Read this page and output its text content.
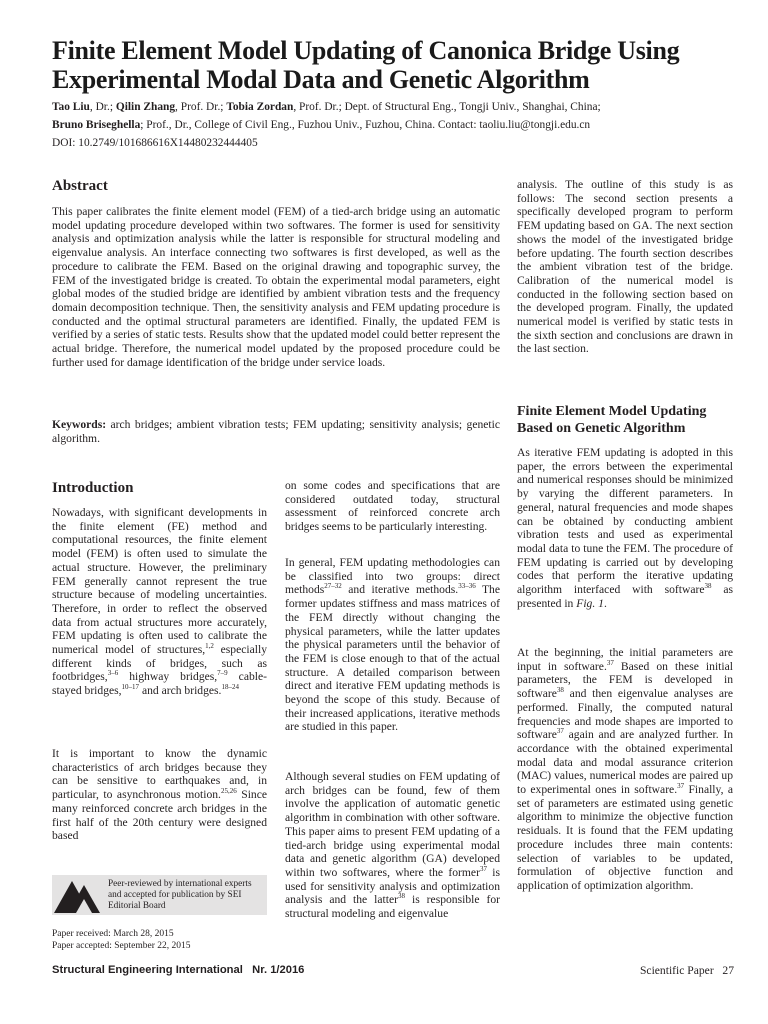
Finite Element Model Updating of Canonica Bridge Using Experimental Modal Data and Genetic Algorithm
Tao Liu, Dr.; Qilin Zhang, Prof. Dr.; Tobia Zordan, Prof. Dr.; Dept. of Structural Eng., Tongji Univ., Shanghai, China;
Bruno Briseghella; Prof., Dr., College of Civil Eng., Fuzhou Univ., Fuzhou, China. Contact: taoliu.liu@tongji.edu.cn
DOI: 10.2749/101686616X14480232444405
Abstract

This paper calibrates the finite element model (FEM) of a tied-arch bridge using an automatic model updating procedure developed within two softwares. The former is used for sensitivity analysis and optimization analysis while the latter is responsible for structural modeling and eigenvalue analysis. An interface connecting two softwares is first developed, as well as the procedure to calibrate the FEM. Based on the original drawing and topographic survey, the FEM of the investigated bridge is created. To obtain the experimental modal parameters, eight global modes of the studied bridge are identified by ambient vibration tests and the frequency domain decomposition technique. Then, the sensitivity analysis and FEM updating procedure is conducted and the optimal structural parameters are identified. Finally, the updated FEM is verified by a series of static tests. Results show that the updated model could better represent the actual bridge. Therefore, the numerical model updated by the proposed procedure could be further used for damage identification of the bridge under service loads.

Keywords: arch bridges; ambient vibration tests; FEM updating; sensitivity analysis; genetic algorithm.

Introduction

Nowadays, with significant developments in the finite element (FE) method and computational resources, the finite element model (FEM) is often used to simulate the actual structure. However, the preliminary FEM generally cannot represent the true structure because of modeling uncertainties. Therefore, in order to reflect the observed data from actual structures more accurately, FEM updating is often used to calibrate the numerical model of structures,$^{1,2}$ especially different kinds of bridges, such as footbridges,$^{3-6}$ highway bridges,$^{7-9}$ cable-stayed bridges,$^{10-17}$ and arch bridges.$^{18-24}$

It is important to know the dynamic characteristics of arch bridges because they can be sensitive to earthquakes and, in particular, to asynchronous motion.$^{25,26}$ Since many reinforced concrete arch bridges in the first half of the 20th century were designed based

Peer-reviewed by international experts and accepted for publication by SEI Editorial Board
Paper received: March 28, 2015
Paper accepted: September 22, 2015

on some codes and specifications that are considered outdated today, structural assessment of reinforced concrete arch bridges seems to be particularly interesting.

In general, FEM updating methodologies can be classified into two groups: direct methods$^{27-32}$ and iterative methods.$^{33-36}$ The former updates stiffness and mass matrices of the FEM directly without changing the physical parameters, while the latter updates the physical parameters until the behavior of the FEM is close enough to that of the actual structure. A detailed comparison between direct and iterative FEM updating methods is beyond the scope of this study. Because of their increased applications, iterative methods are studied in this paper.

Although several studies on FEM updating of arch bridges can be found, few of them involve the application of automatic genetic algorithm in combination with other software. This paper aims to present FEM updating of a tied-arch bridge using experimental modal data and genetic algorithm (GA) developed within two softwares, where the former$^{37}$ is used for sensitivity analysis and optimization analysis and the latter$^{38}$ is responsible for structural modeling and eigenvalue

analysis. The outline of this study is as follows: The second section presents a specifically developed program to perform FEM updating based on GA. The next section shows the model of the investigated bridge before updating. The fourth section describes the ambient vibration test of the bridge. Calibration of the numerical model is conducted in the following section based on the developed program. Finally, the updated numerical model is verified by static tests in the sixth section and conclusions are drawn in the last section.

Finite Element Model Updating Based on Genetic Algorithm

As iterative FEM updating is adopted in this paper, the errors between the experimental and numerical responses should be minimized by varying the different parameters. In general, natural frequencies and mode shapes can be obtained by conducting ambient vibration tests and used as experimental modal data to tune the FEM. The procedure of FEM updating is carried out by developing codes that perform the iterative updating algorithm interfaced with software$^{38}$ as presented in Fig. 1.

At the beginning, the initial parameters are input in software.$^{37}$ Based on these initial parameters, the FEM is developed in software$^{38}$ and then eigenvalue analyses are performed. Finally, the computed natural frequencies and mode shapes are imported to software$^{37}$ again and are analyzed further. In accordance with the obtained experimental modal data and modal assurance criterion (MAC) values, numerical modes are paired up to experimental ones in software.$^{37}$ Finally, a set of parameters are estimated using genetic algorithm to minimize the objective function residuals. It is found that the FEM updating procedure includes three main contents: selection of variables to be updated, formulation of objective function and application of optimization algorithm.

Structural Engineering International   Nr. 1/2016	Scientific Paper 27
